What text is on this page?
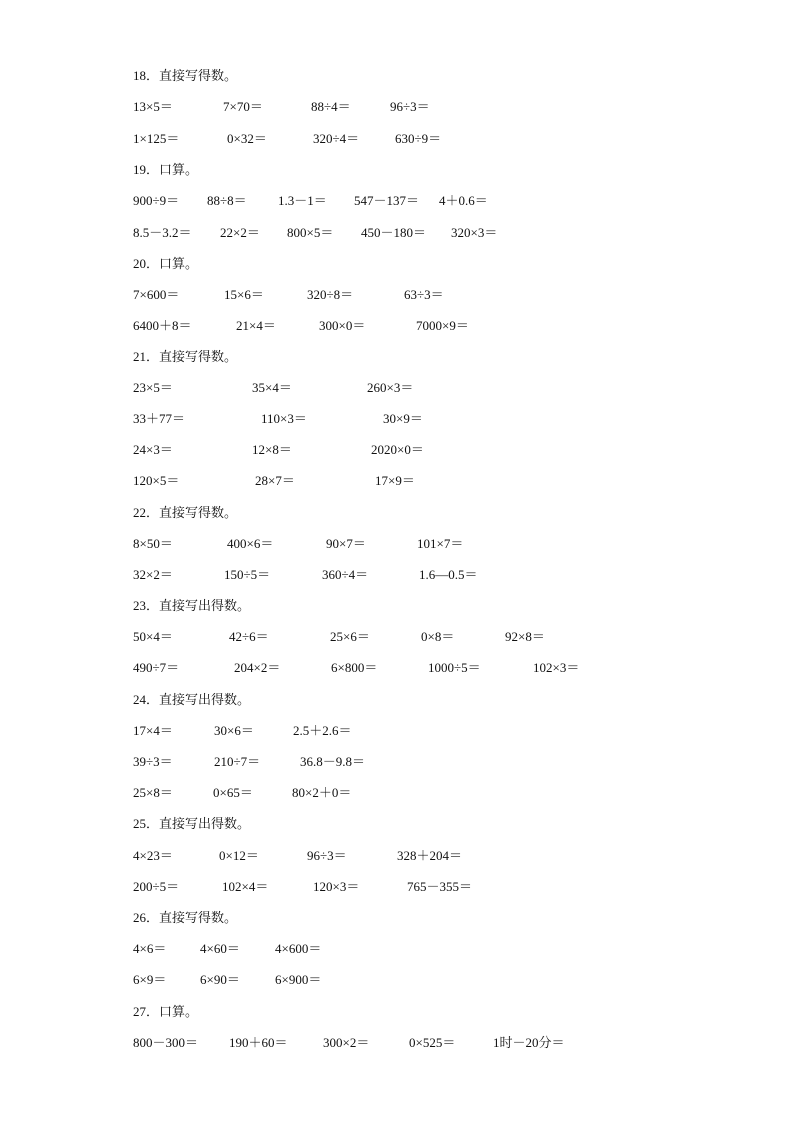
18．直接写得数。
13×5＝	7×70＝	88÷4＝	96÷3＝
1×125＝	0×32＝	320÷4＝	630÷9＝
19．口算。
900÷9＝ 88÷8＝ 1.3－1＝ 547－137＝ 4＋0.6＝
8.5－3.2＝ 22×2＝ 800×5＝ 450－180＝ 320×3＝
20．口算。
7×600＝	15×6＝	320÷8＝	63÷3＝
6400＋8＝	21×4＝	300×0＝	7000×9＝
21．直接写得数。
23×5＝	35×4＝	260×3＝
33＋77＝	110×3＝	30×9＝
24×3＝	12×8＝	2020×0＝
120×5＝	28×7＝	17×9＝
22．直接写得数。
8×50＝	400×6＝	90×7＝	101×7＝
32×2＝	150÷5＝	360÷4＝	1.6—0.5＝
23．直接写出得数。
50×4＝	42÷6＝	25×6＝	0×8＝	92×8＝
490÷7＝	204×2＝	6×800＝	1000÷5＝	102×3＝
24．直接写出得数。
17×4＝	30×6＝	2.5＋2.6＝
39÷3＝	210÷7＝	36.8－9.8＝
25×8＝	0×65＝	80×2＋0＝
25．直接写出得数。
4×23＝	0×12＝	96÷3＝	328＋204＝
200÷5＝	102×4＝	120×3＝	765－355＝
26．直接写得数。
4×6＝	4×60＝	4×600＝
6×9＝	6×90＝	6×900＝
27．口算。
800－300＝ 190＋60＝	300×2＝	0×525＝	1时－20分＝
